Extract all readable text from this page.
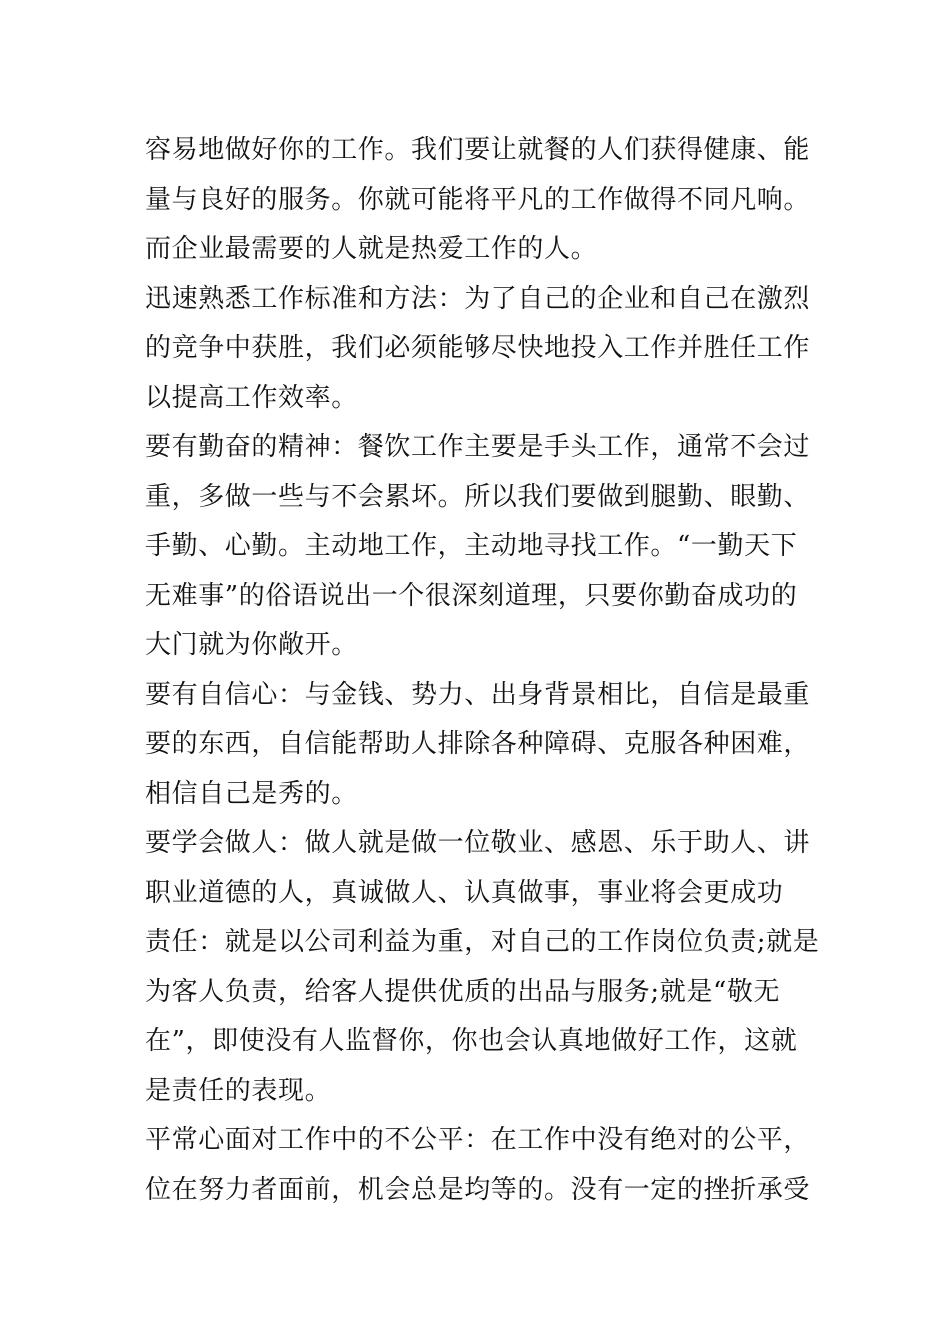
容易地做好你的工作。我们要让就餐的人们获得健康、能
量与良好的服务。你就可能将平凡的工作做得不同凡响。
而企业最需要的人就是热爱工作的人。
迅速熟悉工作标准和方法：为了自己的企业和自己在激烈
的竞争中获胜，我们必须能够尽快地投入工作并胜任工作
以提高工作效率。
要有勤奋的精神：餐饮工作主要是手头工作，通常不会过
重，多做一些与不会累坏。所以我们要做到腿勤、眼勤、
手勤、心勤。主动地工作，主动地寻找工作。“一勤天下
无难事”的俗语说出一个很深刻道理，只要你勤奋成功的
大门就为你敞开。
要有自信心：与金钱、势力、出身背景相比，自信是最重
要的东西，自信能帮助人排除各种障碍、克服各种困难，
相信自己是秀的。
要学会做人：做人就是做一位敬业、感恩、乐于助人、讲
职业道德的人，真诚做人、认真做事，事业将会更成功
责任：就是以公司利益为重，对自己的工作岗位负责;就是
为客人负责，给客人提供优质的出品与服务;就是“敬无
在”，即使没有人监督你，你也会认真地做好工作，这就
是责任的表现。
平常心面对工作中的不公平：在工作中没有绝对的公平，
位在努力者面前，机会总是均等的。没有一定的挫折承受
